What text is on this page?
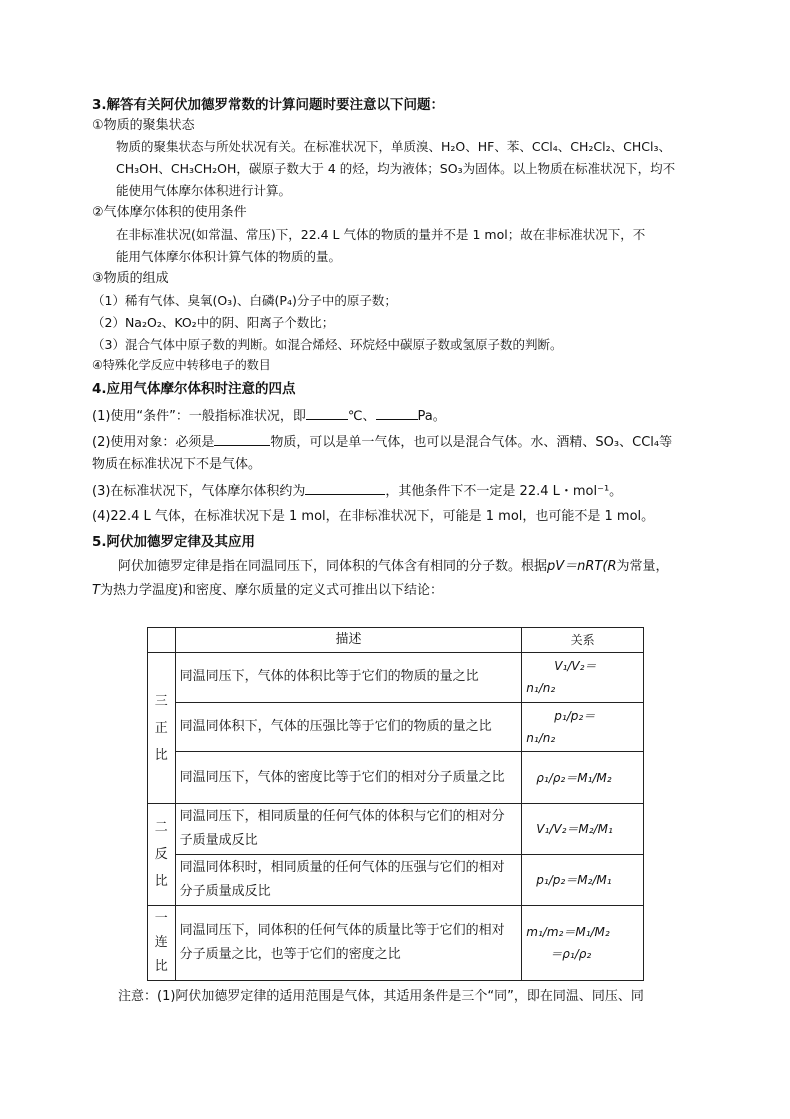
3.解答有关阿伏加德罗常数的计算问题时要注意以下问题：
①物质的聚集状态
物质的聚集状态与所处状况有关。在标准状况下，单质溴、H₂O、HF、苯、CCl₄、CH₂Cl₂、CHCl₃、
CH₃OH、CH₃CH₂OH，碳原子数大于 4 的烃，均为液体；SO₃为固体。以上物质在标准状况下，均不
能使用气体摩尔体积进行计算。
②气体摩尔体积的使用条件
在非标准状况(如常温、常压)下，22.4 L 气体的物质的量并不是 1 mol；故在非标准状况下，不
能用气体摩尔体积计算气体的物质的量。
③物质的组成
（1）稀有气体、臭氧(O₃)、白磷(P₄)分子中的原子数；
（2）Na₂O₂、KO₂中的阴、阳离子个数比；
（3）混合气体中原子数的判断。如混合烯烃、环烷烃中碳原子数或氢原子数的判断。
④特殊化学反应中转移电子的数目
4.应用气体摩尔体积时注意的四点
(1)使用“条件”：一般指标准状况，即	℃、	Pa。
(2)使用对象：必须是	物质，可以是单一气体，也可以是混合气体。水、酒精、SO₃、CCl₄等
物质在标准状况下不是气体。
(3)在标准状况下，气体摩尔体积约为	，其他条件下不一定是 22.4 L・mol⁻¹。
(4)22.4 L 气体，在标准状况下是 1 mol，在非标准状况下，可能是 1 mol，也可能不是 1 mol。
5.阿伏加德罗定律及其应用
阿伏加德罗定律是指在同温同压下，同体积的气体含有相同的分子数。根据pV＝nRT(R为常量，
T为热力学温度)和密度、摩尔质量的定义式可推出以下结论：
	描述	关系

三正比	同温同压下，气体的体积比等于它们的物质的量之比	V₁/V₂＝
n₁/n₂

	同温同体积下，气体的压强比等于它们的物质的量之比	p₁/p₂＝
n₁/n₂

	同温同压下，气体的密度比等于它们的相对分子质量之比	ρ₁/ρ₂＝M₁/M₂

二反比	同温同压下，相同质量的任何气体的体积与它们的相对分子质量成反比	V₁/V₂＝M₂/M₁

	同温同体积时，相同质量的任何气体的压强与它们的相对分子质量成反比	p₁/p₂＝M₂/M₁

一连比	同温同压下，同体积的任何气体的质量比等于它们的相对分子质量之比，也等于它们的密度之比	m₁/m₂＝M₁/M₂
＝ρ₁/ρ₂
注意：(1)阿伏加德罗定律的适用范围是气体，其适用条件是三个“同”，即在同温、同压、同
